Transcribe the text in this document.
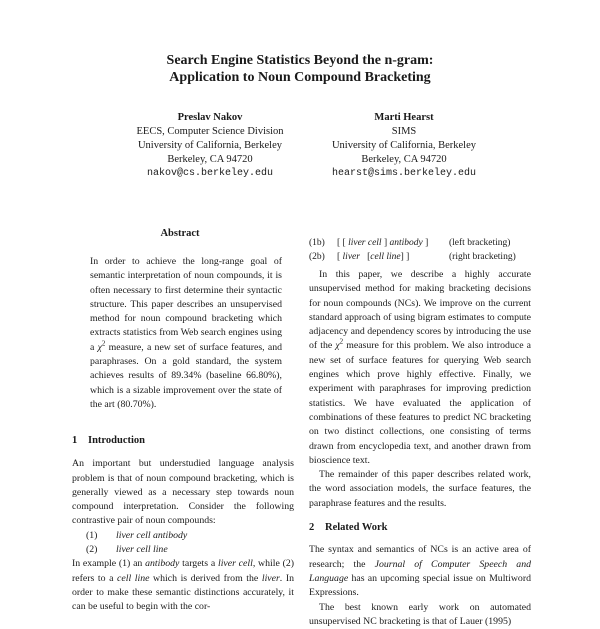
Search Engine Statistics Beyond the n-gram:
Application to Noun Compound Bracketing
Preslav Nakov
EECS, Computer Science Division
University of California, Berkeley
Berkeley, CA 94720
nakov@cs.berkeley.edu
Marti Hearst
SIMS
University of California, Berkeley
Berkeley, CA 94720
hearst@sims.berkeley.edu
Abstract
In order to achieve the long-range goal of semantic interpretation of noun compounds, it is often necessary to first determine their syntactic structure. This paper describes an unsupervised method for noun compound bracketing which extracts statistics from Web search engines using a $\chi^2$ measure, a new set of surface features, and paraphrases. On a gold standard, the system achieves results of 89.34% (baseline 66.80%), which is a sizable improvement over the state of the art (80.70%).
1 Introduction

An important but understudied language analysis problem is that of noun compound bracketing, which is generally viewed as a necessary step towards noun compound interpretation. Consider the following contrastive pair of noun compounds:

(1)	liver cell antibody
(2)	liver cell line

In example (1) an antibody targets a liver cell, while (2) refers to a cell line which is derived from the liver. In order to make these semantic distinctions accurately, it can be useful to begin with the cor-

(1b)	[ [ liver cell ] antibody ]	(left bracketing)
(2b)	[ liver   [cell line] ]	(right bracketing)

In this paper, we describe a highly accurate unsupervised method for making bracketing decisions for noun compounds (NCs). We improve on the current standard approach of using bigram estimates to compute adjacency and dependency scores by introducing the use of the $\chi^2$ measure for this problem. We also introduce a new set of surface features for querying Web search engines which prove highly effective. Finally, we experiment with paraphrases for improving prediction statistics. We have evaluated the application of combinations of these features to predict NC bracketing on two distinct collections, one consisting of terms drawn from encyclopedia text, and another drawn from bioscience text.

The remainder of this paper describes related work, the word association models, the surface features, the paraphrase features and the results.

2 Related Work

The syntax and semantics of NCs is an active area of research; the Journal of Computer Speech and Language has an upcoming special issue on Multiword Expressions.

The best known early work on automated unsupervised NC bracketing is that of Lauer (1995)
